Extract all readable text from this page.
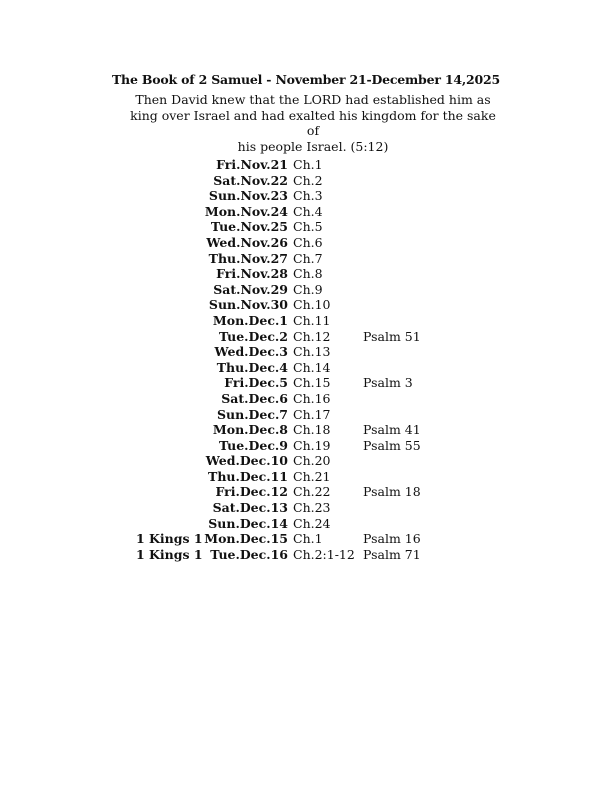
The Book of 2 Samuel - November 21-December 14,2025
Then David knew that the LORD had established him as
king over Israel and had exalted his kingdom for the sake of
his people Israel. (5:12)
Fri.Nov.21 Ch.1
Sat.Nov.22 Ch.2
Sun.Nov.23 Ch.3
Mon.Nov.24 Ch.4
Tue.Nov.25 Ch.5
Wed.Nov.26 Ch.6
Thu.Nov.27 Ch.7
Fri.Nov.28 Ch.8
Sat.Nov.29 Ch.9
Sun.Nov.30 Ch.10
Mon.Dec.1 Ch.11
Tue.Dec.2 Ch.12	Psalm 51
Wed.Dec.3 Ch.13
Thu.Dec.4 Ch.14
Fri.Dec.5 Ch.15	Psalm 3
Sat.Dec.6 Ch.16
Sun.Dec.7 Ch.17
Mon.Dec.8 Ch.18	Psalm 41
Tue.Dec.9 Ch.19	Psalm 55
Wed.Dec.10 Ch.20
Thu.Dec.11 Ch.21
Fri.Dec.12 Ch.22	Psalm 18
Sat.Dec.13 Ch.23
Sun.Dec.14 Ch.24
1 Kings 1 Mon.Dec.15 Ch.1	Psalm 16
1 Kings 1 Tue.Dec.16 Ch.2:1-12 Psalm 71
